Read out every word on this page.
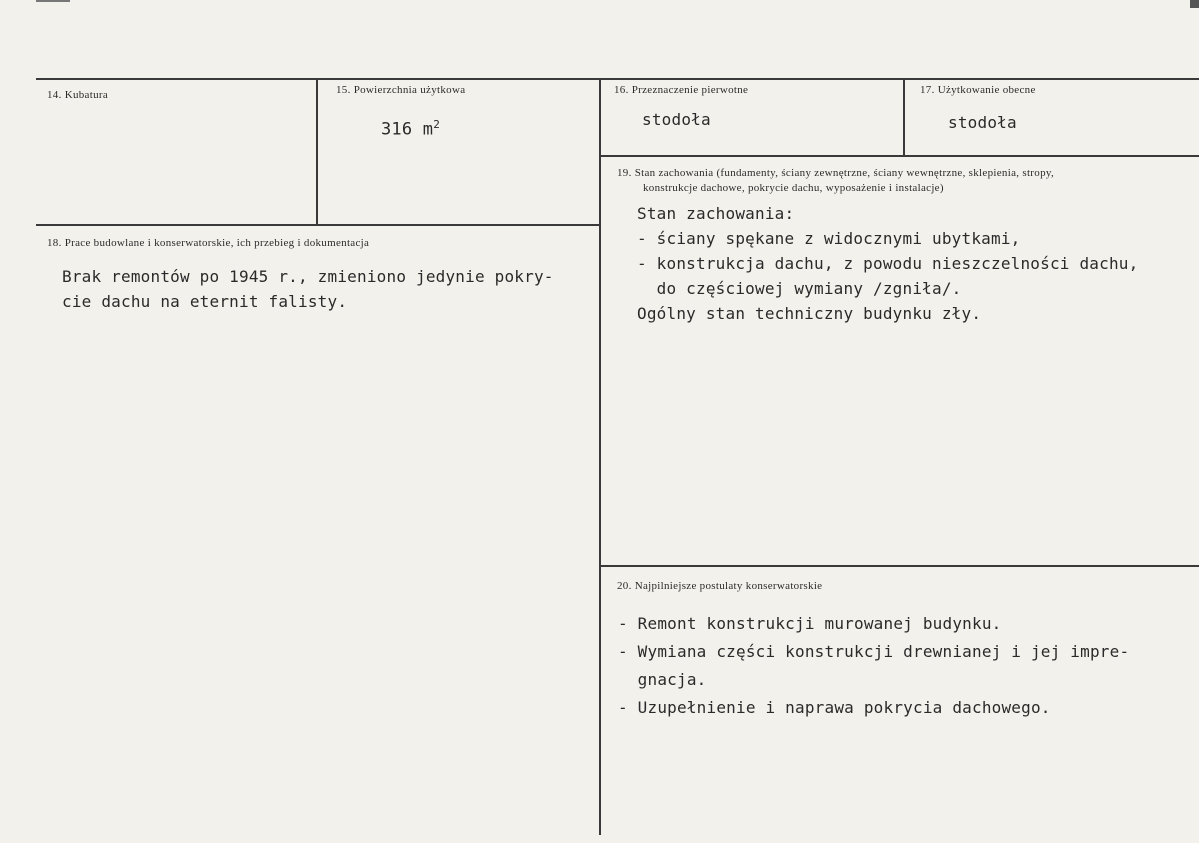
14. Kubatura	15. Powierzchnia użytkowa
316 $m^2$
16. Przeznaczenie pierwotne
stodoła
17. Użytkowanie obecne
stodoła
18. Prace budowlane i konserwatorskie, ich przebieg i dokumentacja
Brak remontów po 1945 r., zmieniono jedynie pokry-
cie dachu na eternit falisty.
19. Stan zachowania (fundamenty, ściany zewnętrzne, ściany wewnętrzne, sklepienia, stropy,
konstrukcje dachowe, pokrycie dachu, wyposażenie i instalacje)
Stan zachowania:
- ściany spękane z widocznymi ubytkami,
- konstrukcja dachu, z powodu nieszczelności dachu,
do częściowej wymiany /zgniła/.
Ogólny stan techniczny budynku zły.
20. Najpilniejsze postulaty konserwatorskie
- Remont konstrukcji murowanej budynku.
- Wymiana części konstrukcji drewnianej i jej impre-
gnacja.
- Uzupełnienie i naprawa pokrycia dachowego.
